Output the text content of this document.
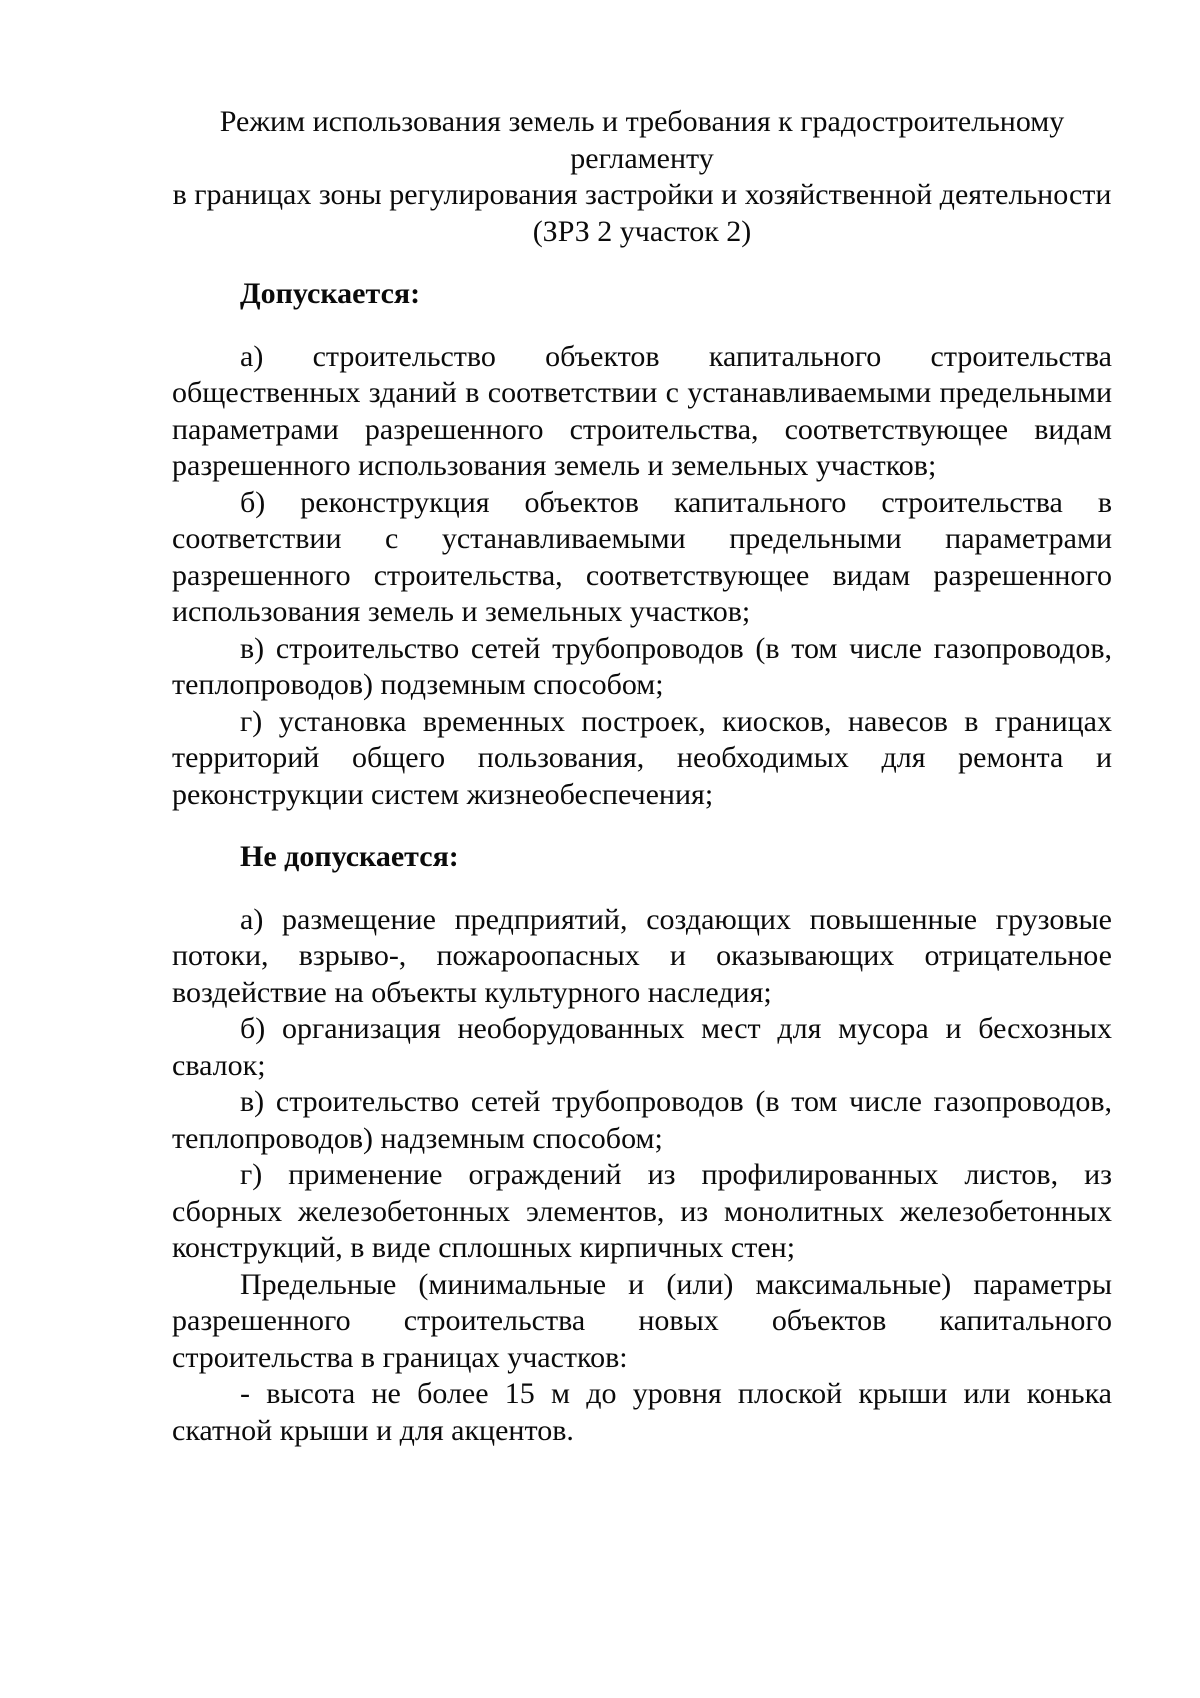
Режим использования земель и требования к градостроительному регламенту
в границах зоны регулирования застройки и хозяйственной деятельности
(ЗРЗ 2 участок 2)

Допускается:

а) строительство объектов капитального строительства общественных зданий в соответствии с устанавливаемыми предельными параметрами разрешенного строительства, соответствующее видам разрешенного использования земель и земельных участков;

б) реконструкция объектов капитального строительства в соответствии с устанавливаемыми предельными параметрами разрешенного строительства, соответствующее видам разрешенного использования земель и земельных участков;

в) строительство сетей трубопроводов (в том числе газопроводов, теплопроводов) подземным способом;

г) установка временных построек, киосков, навесов в границах территорий общего пользования, необходимых для ремонта и реконструкции систем жизнеобеспечения;

Не допускается:

а) размещение предприятий, создающих повышенные грузовые потоки, взрыво-, пожароопасных и оказывающих отрицательное воздействие на объекты культурного наследия;

б) организация необорудованных мест для мусора и бесхозных свалок;

в) строительство сетей трубопроводов (в том числе газопроводов, теплопроводов) надземным способом;

г) применение ограждений из профилированных листов, из сборных железобетонных элементов, из монолитных железобетонных конструкций, в виде сплошных кирпичных стен;

Предельные (минимальные и (или) максимальные) параметры разрешенного строительства новых объектов капитального строительства в границах участков:

- высота не более 15 м до уровня плоской крыши или конька скатной крыши и для акцентов.
